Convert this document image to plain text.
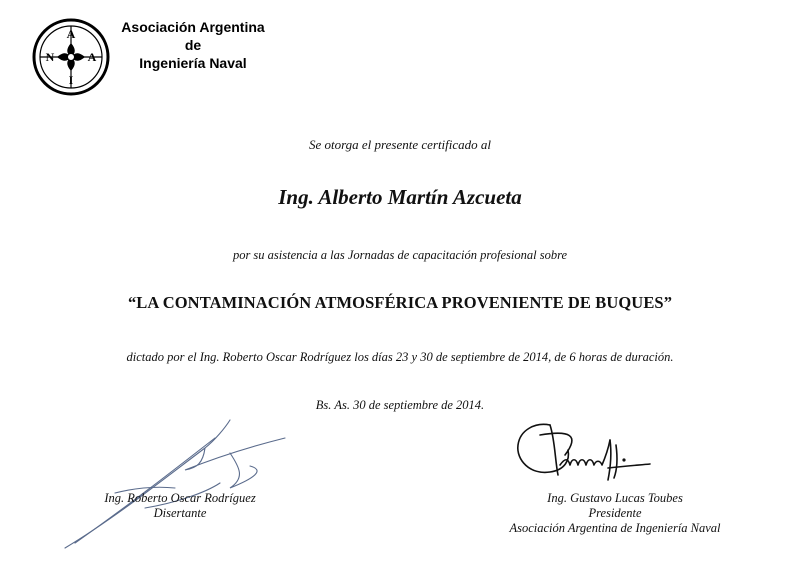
A
N	A
I
Asociación Argentina
de
Ingeniería Naval
Se otorga el presente certificado al
Ing. Alberto Martín Azcueta
por su asistencia a las Jornadas de capacitación profesional sobre
“LA CONTAMINACIÓN ATMOSFÉRICA PROVENIENTE DE BUQUES”
dictado por el Ing. Roberto Oscar Rodríguez los días 23 y 30 de septiembre de 2014, de 6 horas de duración.
Bs. As. 30 de septiembre de 2014.
Ing. Roberto Oscar Rodríguez
Disertante
Ing. Gustavo Lucas Toubes
Presidente
Asociación Argentina de Ingeniería Naval
